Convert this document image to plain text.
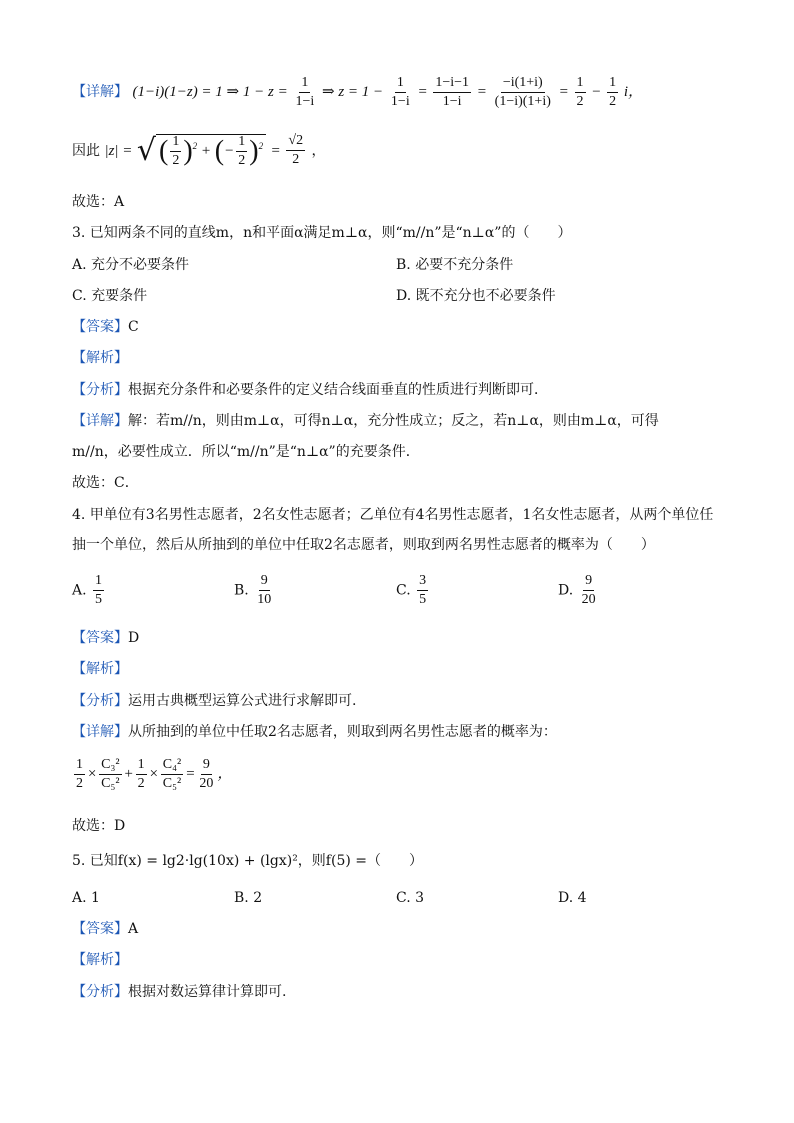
【详解】 (1−i)(1−z) = 1 ⇒ $1 - z = \frac{1}{1-i}$ ⇒ $z = 1 - \frac{1}{1-i} = \frac{1-i-1}{1-i} = \frac{-i(1+i)}{(1-i)(1+i)} = \frac{1}{2} - \frac{1}{2}$ i，
因此 |z| = √ ( $\frac{1}{2} )^2$ + (− $\frac{1}{2} )^2 = \frac{√2}{2}$ ，
故选：A
3. 已知两条不同的直线m，n和平面α满足m⊥α，则“m//n”是“n⊥α”的（　　）
A. 充分不必要条件	B. 必要不充分条件
C. 充要条件	D. 既不充分也不必要条件
【答案】C
【解析】
【分析】根据充分条件和必要条件的定义结合线面垂直的性质进行判断即可．
【详解】解：若m//n，则由m⊥α，可得n⊥α，充分性成立；反之，若n⊥α，则由m⊥α，可得
m//n，必要性成立．所以“m//n”是“n⊥α”的充要条件．
故选：C．
4. 甲单位有3名男性志愿者，2名女性志愿者；乙单位有4名男性志愿者，1名女性志愿者，从两个单位任
抽一个单位，然后从所抽到的单位中任取2名志愿者，则取到两名男性志愿者的概率为（　　）
A. $\frac{1}{5}$	B. $\frac{9}{10}$	C. $\frac{3}{5}$	D. $\frac{9}{20}$
【答案】D
【解析】
【分析】运用古典概型运算公式进行求解即可.
【详解】从所抽到的单位中任取2名志愿者，则取到两名男性志愿者的概率为：
$\frac{1}{2} \times \frac{\text{C₃²}}{\text{C₅²}} + \frac{1}{2} \times \frac{\text{C₄²}}{\text{C₅²}} = \frac{9}{20}$ ，
故选：D
5. 已知f(x) = lg2·lg(10x) + (lgx)²，则f(5) =（　　）
A. 1	B. 2	C. 3	D. 4
【答案】A
【解析】
【分析】根据对数运算律计算即可.
